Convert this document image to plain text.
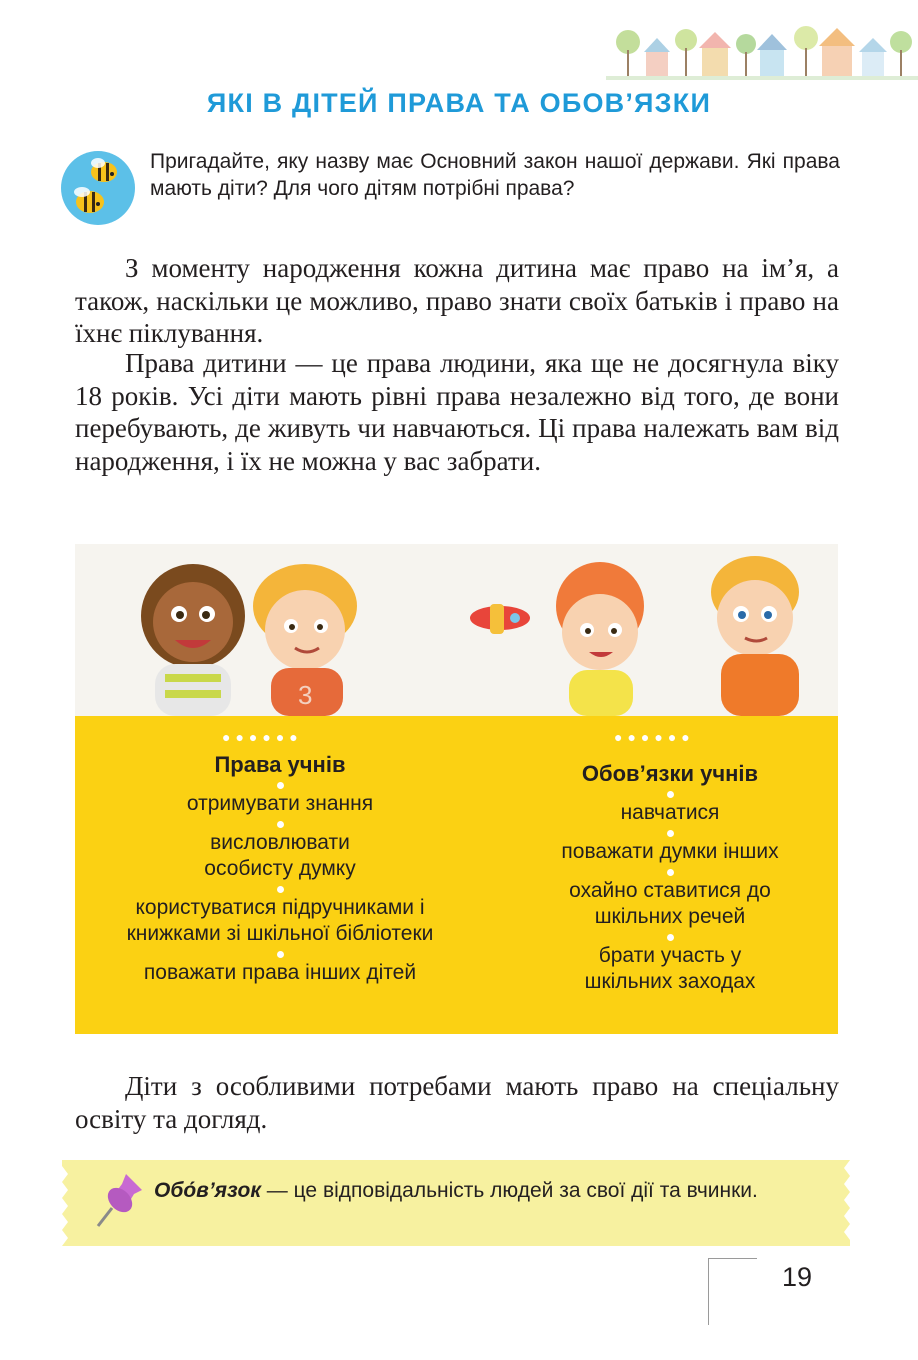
ЯКІ В ДІТЕЙ ПРАВА ТА ОБОВ’ЯЗКИ
Пригадайте, яку назву має Основний закон нашої держави. Які права мають діти? Для чого дітям потрібні права?
З моменту народження кожна дитина має право на ім’я, а також, наскільки це можливо, право знати своїх батьків і право на їхнє піклування.
Права дитини — це права людини, яка ще не досягнула віку 18 років. Усі діти мають рівні права незалежно від того, де вони перебувають, де живуть чи навчаються. Ці права належать вам від народження, і їх не можна у вас забрати.
3
●●●●●●	●●●●●●
Права учнів
отримувати знання
висловлювати особисту думку
користуватися підручниками і книжками зі шкільної бібліотеки
поважати права інших дітей
Обов’язки учнів
навчатися
поважати думки інших
охайно ставитися до шкільних речей
брати участь у шкільних заходах
Діти з особливими потребами мають право на спеціальну освіту та догляд.
Обо́в’язок — це відповідальність людей за свої дії та вчинки.
19
